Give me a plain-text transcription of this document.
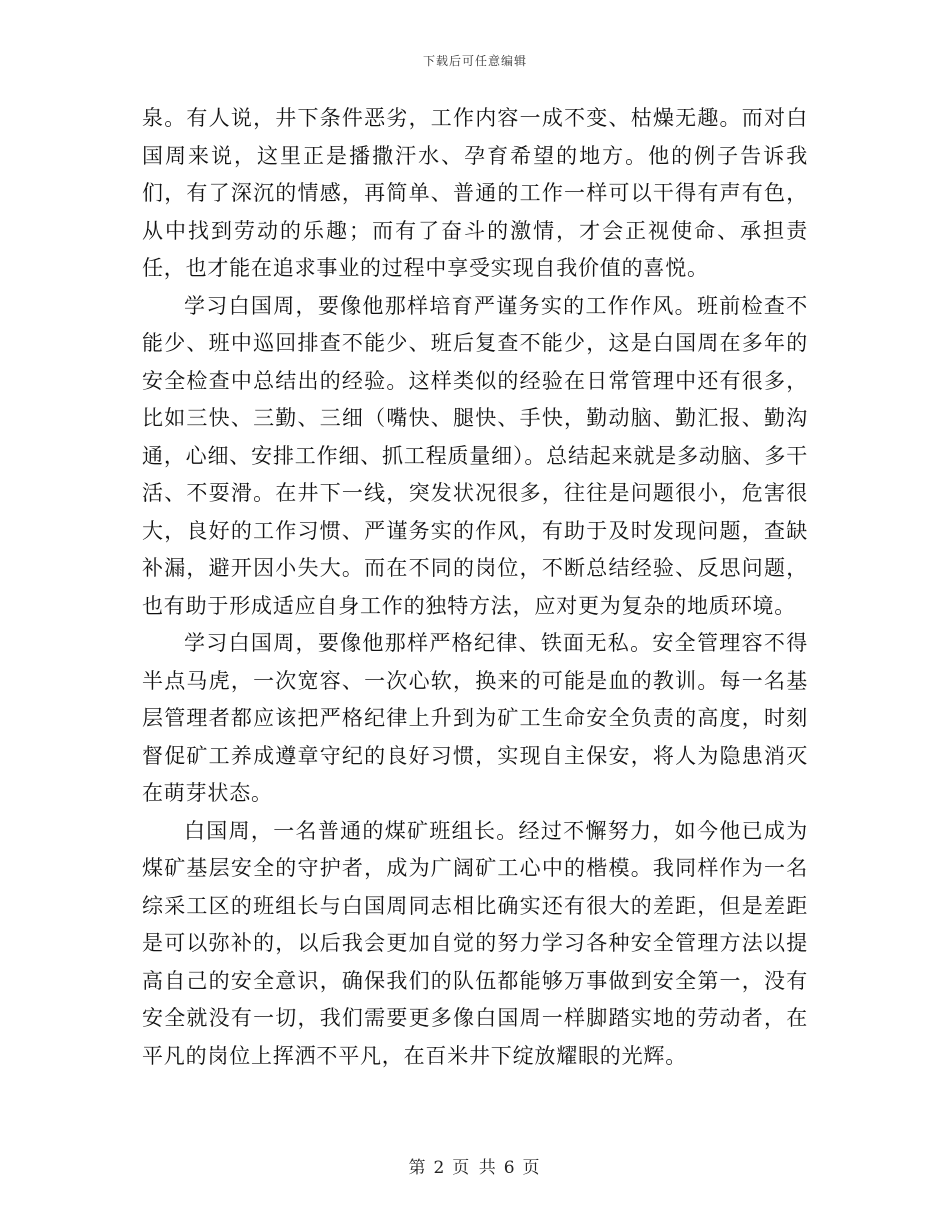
下载后可任意编辑

泉。有人说，井下条件恶劣，工作内容一成不变、枯燥无趣。而对白国周来说，这里正是播撒汗水、孕育希望的地方。他的例子告诉我们，有了深沉的情感，再简单、普通的工作一样可以干得有声有色，从中找到劳动的乐趣；而有了奋斗的激情，才会正视使命、承担责任，也才能在追求事业的过程中享受实现自我价值的喜悦。

学习白国周，要像他那样培育严谨务实的工作作风。班前检查不能少、班中巡回排查不能少、班后复查不能少，这是白国周在多年的安全检查中总结出的经验。这样类似的经验在日常管理中还有很多，比如三快、三勤、三细（嘴快、腿快、手快，勤动脑、勤汇报、勤沟通，心细、安排工作细、抓工程质量细）。总结起来就是多动脑、多干活、不耍滑。在井下一线，突发状况很多，往往是问题很小，危害很大，良好的工作习惯、严谨务实的作风，有助于及时发现问题，查缺补漏，避开因小失大。而在不同的岗位，不断总结经验、反思问题，也有助于形成适应自身工作的独特方法，应对更为复杂的地质环境。

学习白国周，要像他那样严格纪律、铁面无私。安全管理容不得半点马虎，一次宽容、一次心软，换来的可能是血的教训。每一名基层管理者都应该把严格纪律上升到为矿工生命安全负责的高度，时刻督促矿工养成遵章守纪的良好习惯，实现自主保安，将人为隐患消灭在萌芽状态。

白国周，一名普通的煤矿班组长。经过不懈努力，如今他已成为煤矿基层安全的守护者，成为广阔矿工心中的楷模。我同样作为一名综采工区的班组长与白国周同志相比确实还有很大的差距，但是差距是可以弥补的，以后我会更加自觉的努力学习各种安全管理方法以提高自己的安全意识，确保我们的队伍都能够万事做到安全第一，没有安全就没有一切，我们需要更多像白国周一样脚踏实地的劳动者，在平凡的岗位上挥洒不平凡，在百米井下绽放耀眼的光辉。

第 2 页 共 6 页
